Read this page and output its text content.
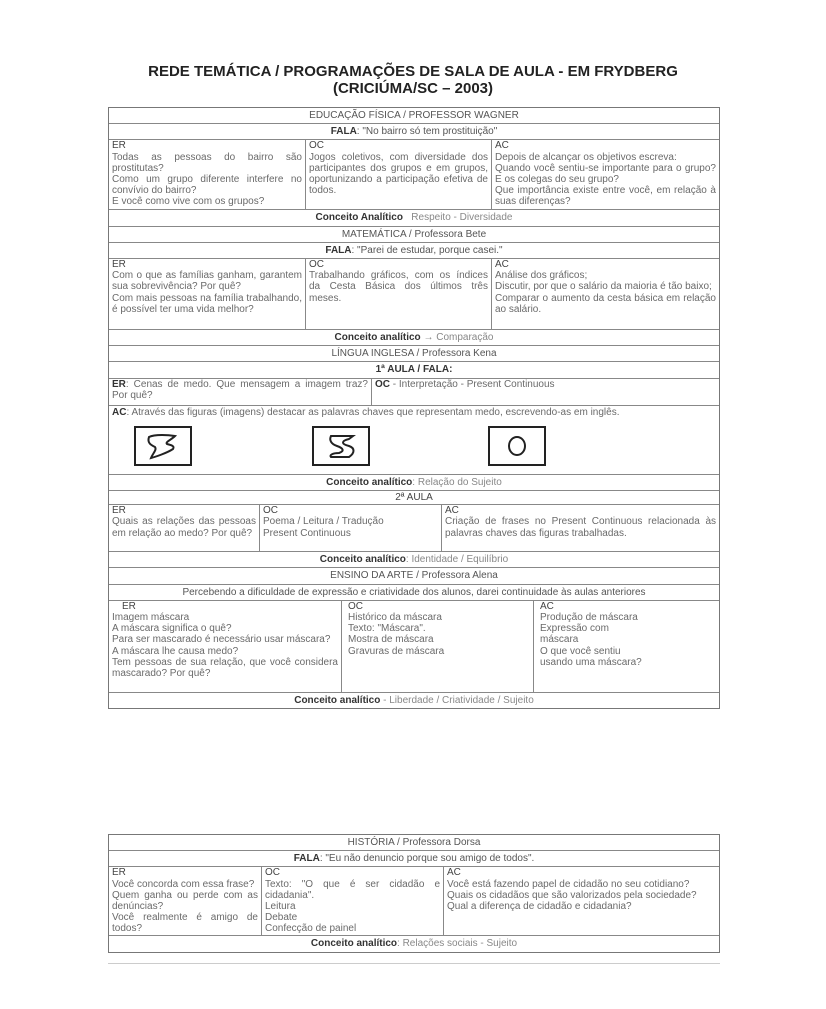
REDE TEMÁTICA / PROGRAMAÇÕES DE SALA DE AULA - EM FRYDBERG
(CRICIÚMA/SC – 2003)
EDUCAÇÃO FÍSICA / PROFESSOR WAGNER
FALA: "No bairro só tem prostituição"
ER
Todas as pessoas do bairro são prostitutas?
Como um grupo diferente interfere no convívio do bairro?
E você como vive com os grupos?
OC
Jogos coletivos, com diversidade dos participantes dos grupos e em grupos, oportunizando a participação efetiva de todos.
AC
Depois de alcançar os objetivos escreva:
Quando você sentiu-se importante para o grupo? E os colegas do seu grupo?
Que importância existe entre você, em relação à suas diferenças?
Conceito Analítico Respeito - Diversidade
MATEMÁTICA / Professora Bete
FALA: "Parei de estudar, porque casei."
ER
Com o que as famílias ganham, garantem sua sobrevivência? Por quê?
Com mais pessoas na família trabalhando, é possível ter uma vida melhor?
OC
Trabalhando gráficos, com os índices da Cesta Básica dos últimos três meses.
AC
Análise dos gráficos;
Discutir, por que o salário da maioria é tão baixo;
Comparar o aumento da cesta básica em relação ao salário.
Conceito analítico → Comparação
LÍNGUA INGLESA / Professora Kena
1ª AULA / FALA:
ER: Cenas de medo. Que mensagem a imagem traz? Por quê?
OC - Interpretação - Present Continuous
AC: Através das figuras (imagens) destacar as palavras chaves que representam medo, escrevendo-as em inglês.
Conceito analítico: Relação do Sujeito
2ª AULA
ER
Quais as relações das pessoas em relação ao medo? Por quê?
OC
Poema / Leitura / Tradução
Present Continuous
AC
Criação de frases no Present Continuous relacionada às palavras chaves das figuras trabalhadas.
Conceito analítico: Identidade / Equilíbrio
ENSINO DA ARTE / Professora Alena
Percebendo a dificuldade de expressão e criatividade dos alunos, darei continuidade às aulas anteriores
ER
Imagem máscara
A máscara significa o quê?
Para ser mascarado é necessário usar máscara?
A máscara lhe causa medo?
Tem pessoas de sua relação, que você considera mascarado? Por quê?
OC
Histórico da máscara
Texto: "Máscara".
Mostra de máscara
Gravuras de máscara
AC
Produção de máscara
Expressão com máscara
O que você sentiu usando uma máscara?
Conceito analítico - Liberdade / Criatividade / Sujeito
HISTÓRIA / Professora Dorsa
FALA: "Eu não denuncio porque sou amigo de todos".
ER
Você concorda com essa frase?
Quem ganha ou perde com as denúncias?
Você realmente é amigo de todos?
OC
Texto: "O que é ser cidadão e cidadania".
Leitura
Debate
Confecção de painel
AC
Você está fazendo papel de cidadão no seu cotidiano?
Quais os cidadãos que são valorizados pela sociedade?
Qual a diferença de cidadão e cidadania?
Conceito analítico: Relações sociais - Sujeito
